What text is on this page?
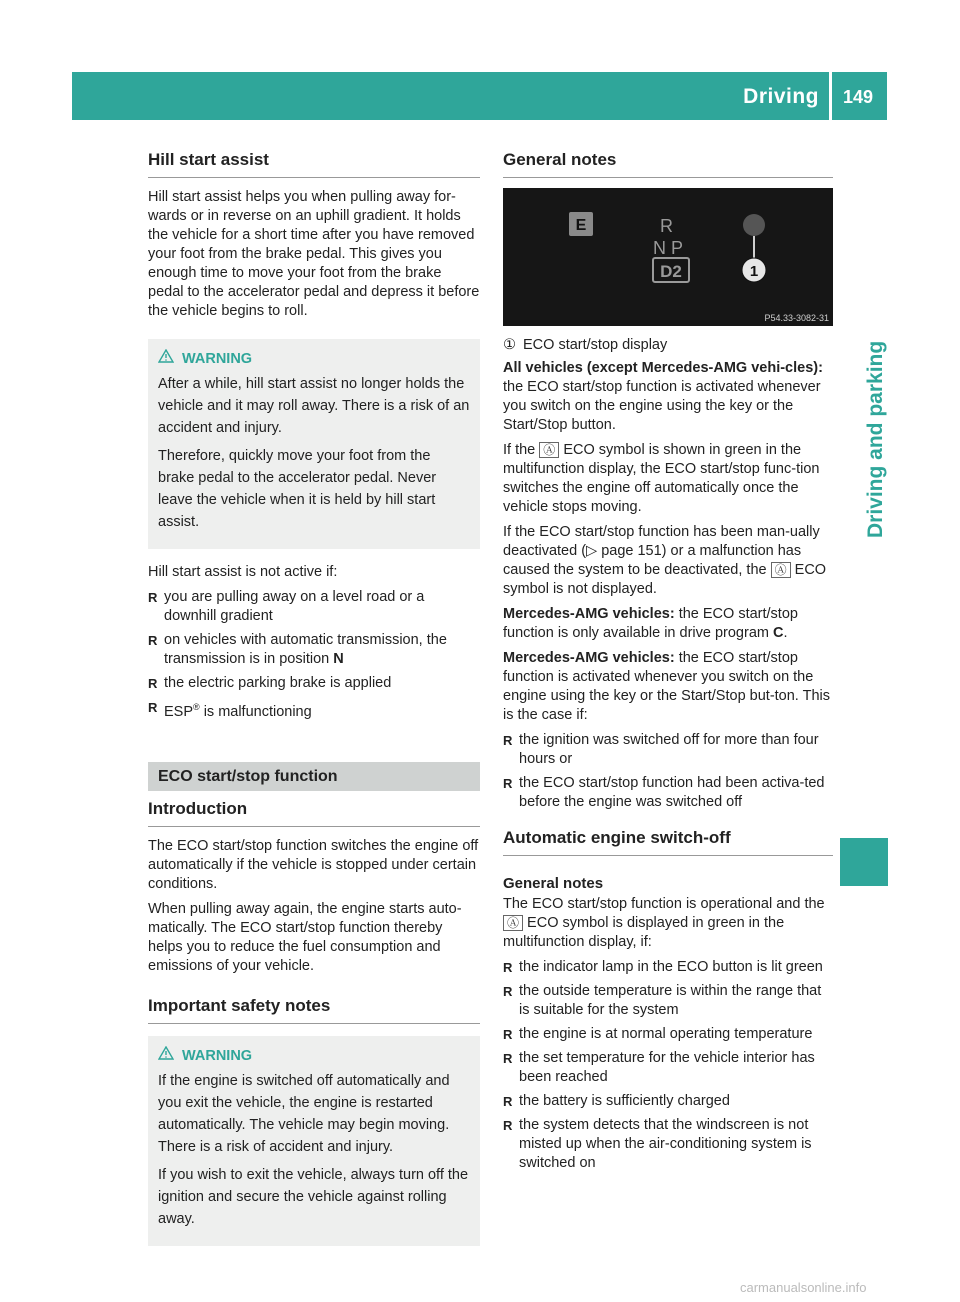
Driving 149
Driving and parking
Hill start assist

Hill start assist helps you when pulling away for-wards or in reverse on an uphill gradient. It holds the vehicle for a short time after you have removed your foot from the brake pedal. This gives you enough time to move your foot from the brake pedal to the accelerator pedal and depress it before the vehicle begins to roll.

WARNING

After a while, hill start assist no longer holds the vehicle and it may roll away. There is a risk of an accident and injury.

Therefore, quickly move your foot from the brake pedal to the accelerator pedal. Never leave the vehicle when it is held by hill start assist.

Hill start assist is not active if:

R you are pulling away on a level road or a downhill gradient
R on vehicles with automatic transmission, the transmission is in position N
R the electric parking brake is applied
R ESP® is malfunctioning
ECO start/stop function
Introduction

The ECO start/stop function switches the engine off automatically if the vehicle is stopped under certain conditions.

When pulling away again, the engine starts auto-matically. The ECO start/stop function thereby helps you to reduce the fuel consumption and emissions of your vehicle.

Important safety notes
WARNING

If the engine is switched off automatically and you exit the vehicle, the engine is restarted automatically. The vehicle may begin moving. There is a risk of accident and injury.

If you wish to exit the vehicle, always turn off the ignition and secure the vehicle against rolling away.

General notes
E	R
N P
D2	1
P54.33-3082-31

① ECO start/stop display

All vehicles (except Mercedes-AMG vehi-cles): the ECO start/stop function is activated whenever you switch on the engine using the key or the Start/Stop button.

If the Ⓐ ECO symbol is shown in green in the multifunction display, the ECO start/stop func-tion switches the engine off automatically once the vehicle stops moving.

If the ECO start/stop function has been man-ually deactivated (▷ page 151) or a malfunction has caused the system to be deactivated, the Ⓐ ECO symbol is not displayed.

Mercedes-AMG vehicles: the ECO start/stop function is only available in drive program C.

Mercedes-AMG vehicles: the ECO start/stop function is activated whenever you switch on the engine using the key or the Start/Stop but-ton. This is the case if:

R the ignition was switched off for more than four hours or
R the ECO start/stop function had been activa-ted before the engine was switched off
Automatic engine switch-off
General notes

The ECO start/stop function is operational and the Ⓐ ECO symbol is displayed in green in the multifunction display, if:

R the indicator lamp in the ECO button is lit green
R the outside temperature is within the range that is suitable for the system
R the engine is at normal operating temperature
R the set temperature for the vehicle interior has been reached
R the battery is sufficiently charged
R the system detects that the windscreen is not misted up when the air-conditioning system is switched on
carmanualsonline.info
